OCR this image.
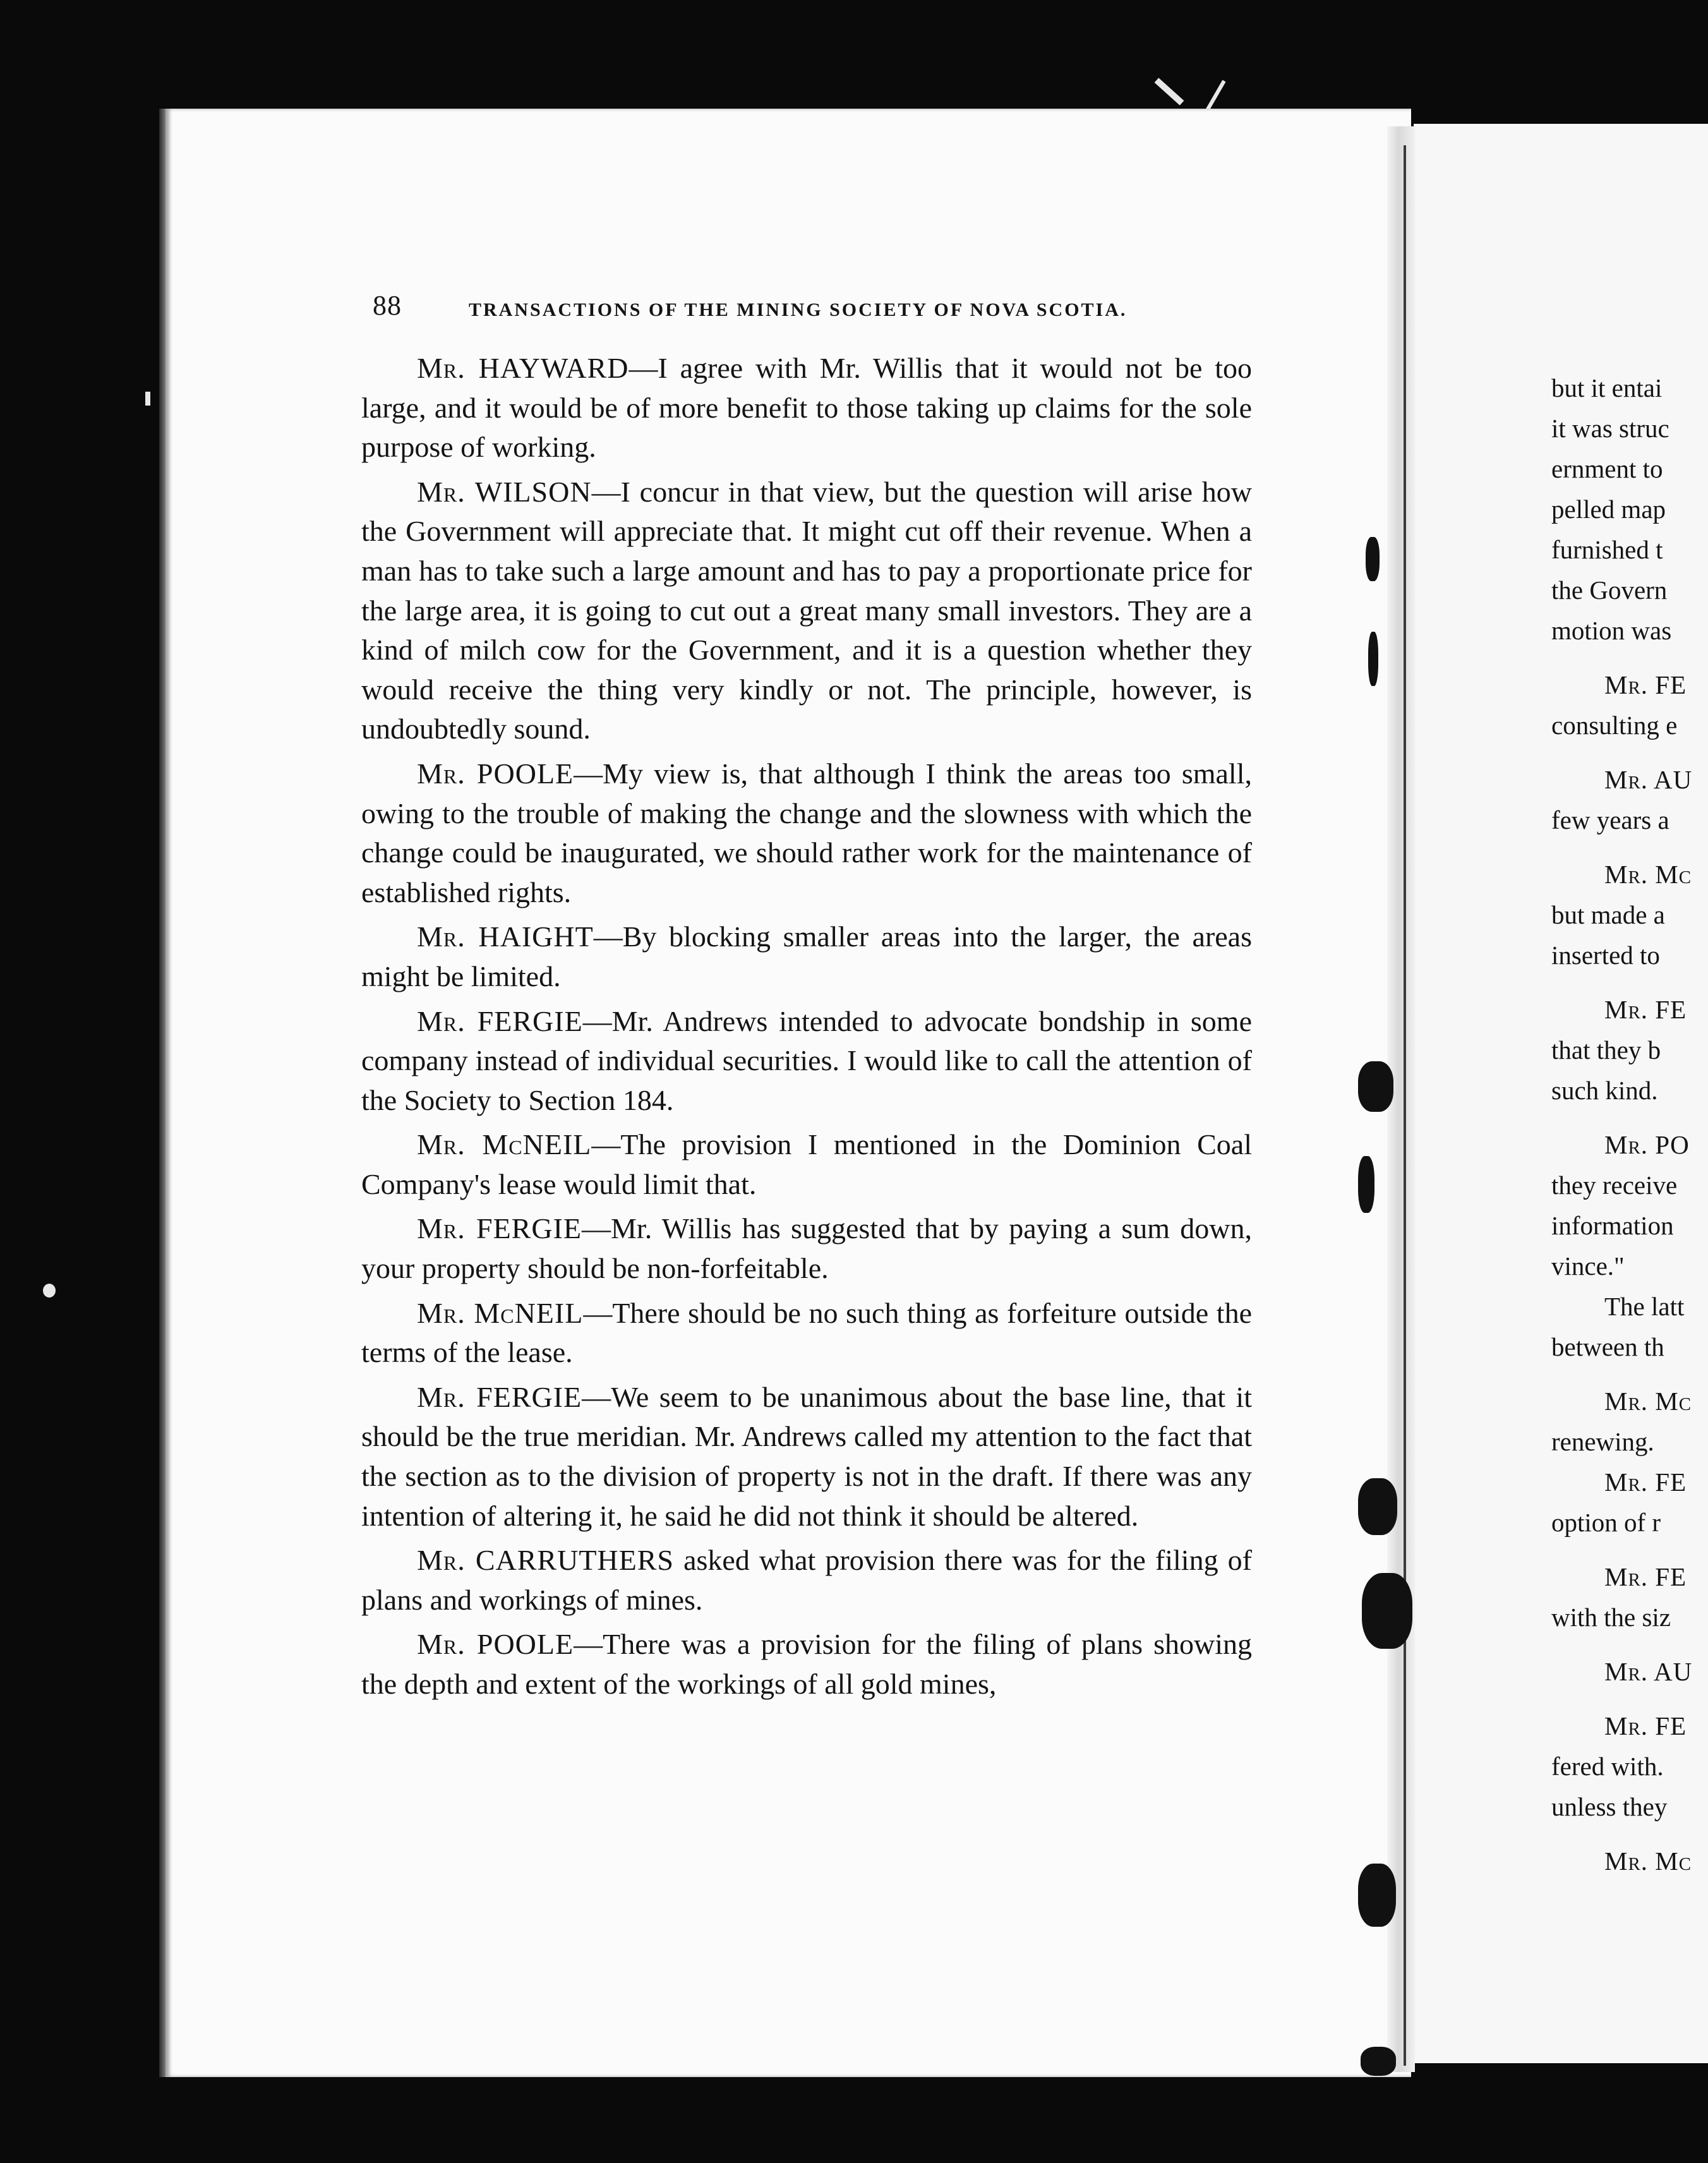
88	TRANSACTIONS OF THE MINING SOCIETY OF NOVA SCOTIA.

Mr. HAYWARD—I agree with Mr. Willis that it would not be too large, and it would be of more benefit to those taking up claims for the sole purpose of working.

Mr. WILSON—I concur in that view, but the question will arise how the Government will appreciate that. It might cut off their revenue. When a man has to take such a large amount and has to pay a proportionate price for the large area, it is going to cut out a great many small investors. They are a kind of milch cow for the Government, and it is a question whether they would receive the thing very kindly or not. The principle, however, is undoubtedly sound.

Mr. POOLE—My view is, that although I think the areas too small, owing to the trouble of making the change and the slowness with which the change could be inaugurated, we should rather work for the maintenance of established rights.

Mr. HAIGHT—By blocking smaller areas into the larger, the areas might be limited.

Mr. FERGIE—Mr. Andrews intended to advocate bondship in some company instead of individual securities. I would like to call the attention of the Society to Section 184.

Mr. McNEIL—The provision I mentioned in the Dominion Coal Company's lease would limit that.

Mr. FERGIE—Mr. Willis has suggested that by paying a sum down, your property should be non-forfeitable.

Mr. McNEIL—There should be no such thing as forfeiture outside the terms of the lease.

Mr. FERGIE—We seem to be unanimous about the base line, that it should be the true meridian. Mr. Andrews called my attention to the fact that the section as to the division of property is not in the draft. If there was any intention of altering it, he said he did not think it should be altered.

Mr. CARRUTHERS asked what provision there was for the filing of plans and workings of mines.

Mr. POOLE—There was a provision for the filing of plans showing the depth and extent of the workings of all gold mines,

but it entai
it was struc
ernment to
pelled map
furnished t
the Govern
motion was
Mr. FE
consulting e
Mr. AU
few years a
Mr. Mc
but made a
inserted to
Mr. FE
that they b
such kind.
Mr. PO
they receive
information
vince."
The latt
between th
Mr. Mc
renewing.
Mr. FE
option of r
Mr. FE
with the siz
Mr. AU
Mr. FE
fered with.
unless they
Mr. Mc
